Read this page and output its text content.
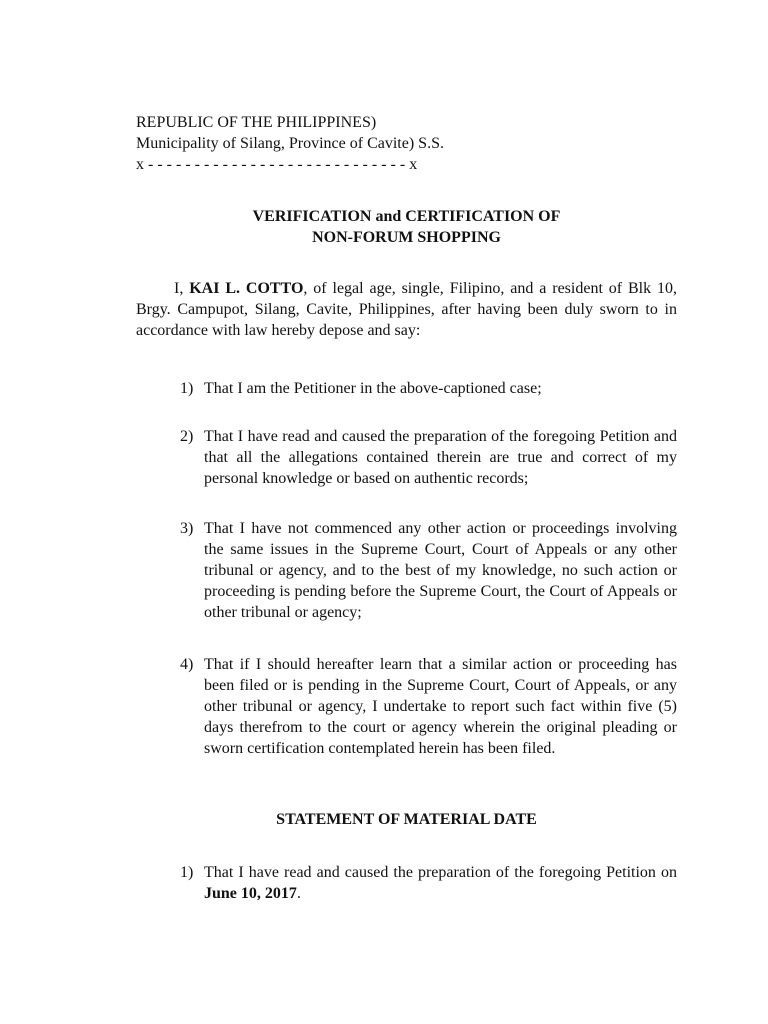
REPUBLIC OF THE PHILIPPINES)
Municipality of Silang, Province of Cavite) S.S.
x - - - - - - - - - - - - - - - - - - - - - - - - - - - - x
VERIFICATION and CERTIFICATION OF
NON-FORUM SHOPPING
I, KAI L. COTTO, of legal age, single, Filipino, and a resident of Blk 10, Brgy. Campupot, Silang, Cavite, Philippines, after having been duly sworn to in accordance with law hereby depose and say:
1) That I am the Petitioner in the above-captioned case;
2) That I have read and caused the preparation of the foregoing Petition and that all the allegations contained therein are true and correct of my personal knowledge or based on authentic records;
3) That I have not commenced any other action or proceedings involving the same issues in the Supreme Court, Court of Appeals or any other tribunal or agency, and to the best of my knowledge, no such action or proceeding is pending before the Supreme Court, the Court of Appeals or other tribunal or agency;
4) That if I should hereafter learn that a similar action or proceeding has been filed or is pending in the Supreme Court, Court of Appeals, or any other tribunal or agency, I undertake to report such fact within five (5) days therefrom to the court or agency wherein the original pleading or sworn certification contemplated herein has been filed.
STATEMENT OF MATERIAL DATE
1) That I have read and caused the preparation of the foregoing Petition on June 10, 2017.
